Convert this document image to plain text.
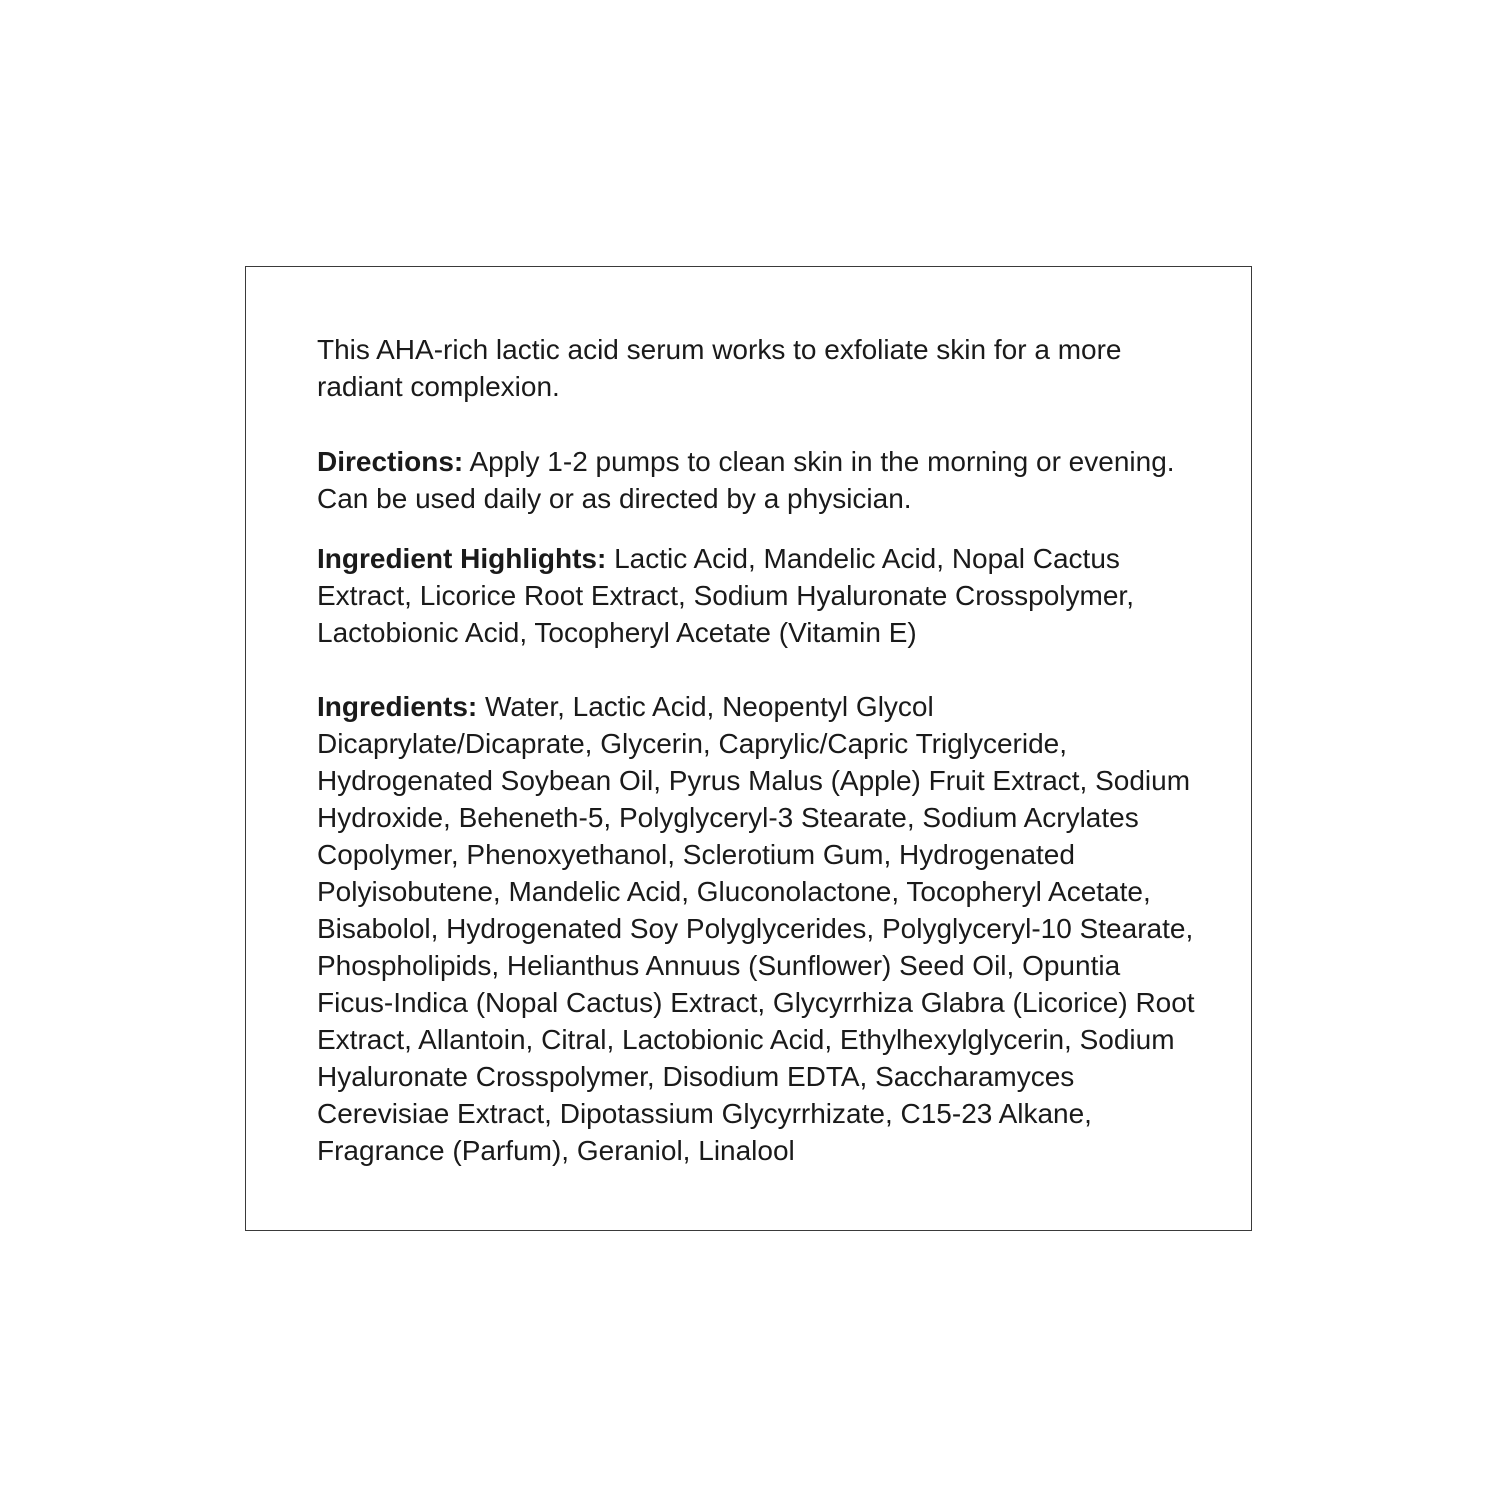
This AHA-rich lactic acid serum works to exfoliate skin for a more radiant complexion.

Directions: Apply 1-2 pumps to clean skin in the morning or evening. Can be used daily or as directed by a physician.

Ingredient Highlights: Lactic Acid, Mandelic Acid, Nopal Cactus Extract, Licorice Root Extract, Sodium Hyaluronate Crosspolymer, Lactobionic Acid, Tocopheryl Acetate (Vitamin E)

Ingredients: Water, Lactic Acid, Neopentyl Glycol Dicaprylate/Dicaprate, Glycerin, Caprylic/Capric Triglyceride, Hydrogenated Soybean Oil, Pyrus Malus (Apple) Fruit Extract, Sodium Hydroxide, Beheneth-5, Polyglyceryl-3 Stearate, Sodium Acrylates Copolymer, Phenoxyethanol, Sclerotium Gum, Hydrogenated Polyisobutene, Mandelic Acid, Gluconolactone, Tocopheryl Acetate, Bisabolol, Hydrogenated Soy Polyglycerides, Polyglyceryl-10 Stearate, Phospholipids, Helianthus Annuus (Sunflower) Seed Oil, Opuntia Ficus-Indica (Nopal Cactus) Extract, Glycyrrhiza Glabra (Licorice) Root Extract, Allantoin, Citral, Lactobionic Acid, Ethylhexylglycerin, Sodium Hyaluronate Crosspolymer, Disodium EDTA, Saccharamyces Cerevisiae Extract, Dipotassium Glycyrrhizate, C15-23 Alkane, Fragrance (Parfum), Geraniol, Linalool
